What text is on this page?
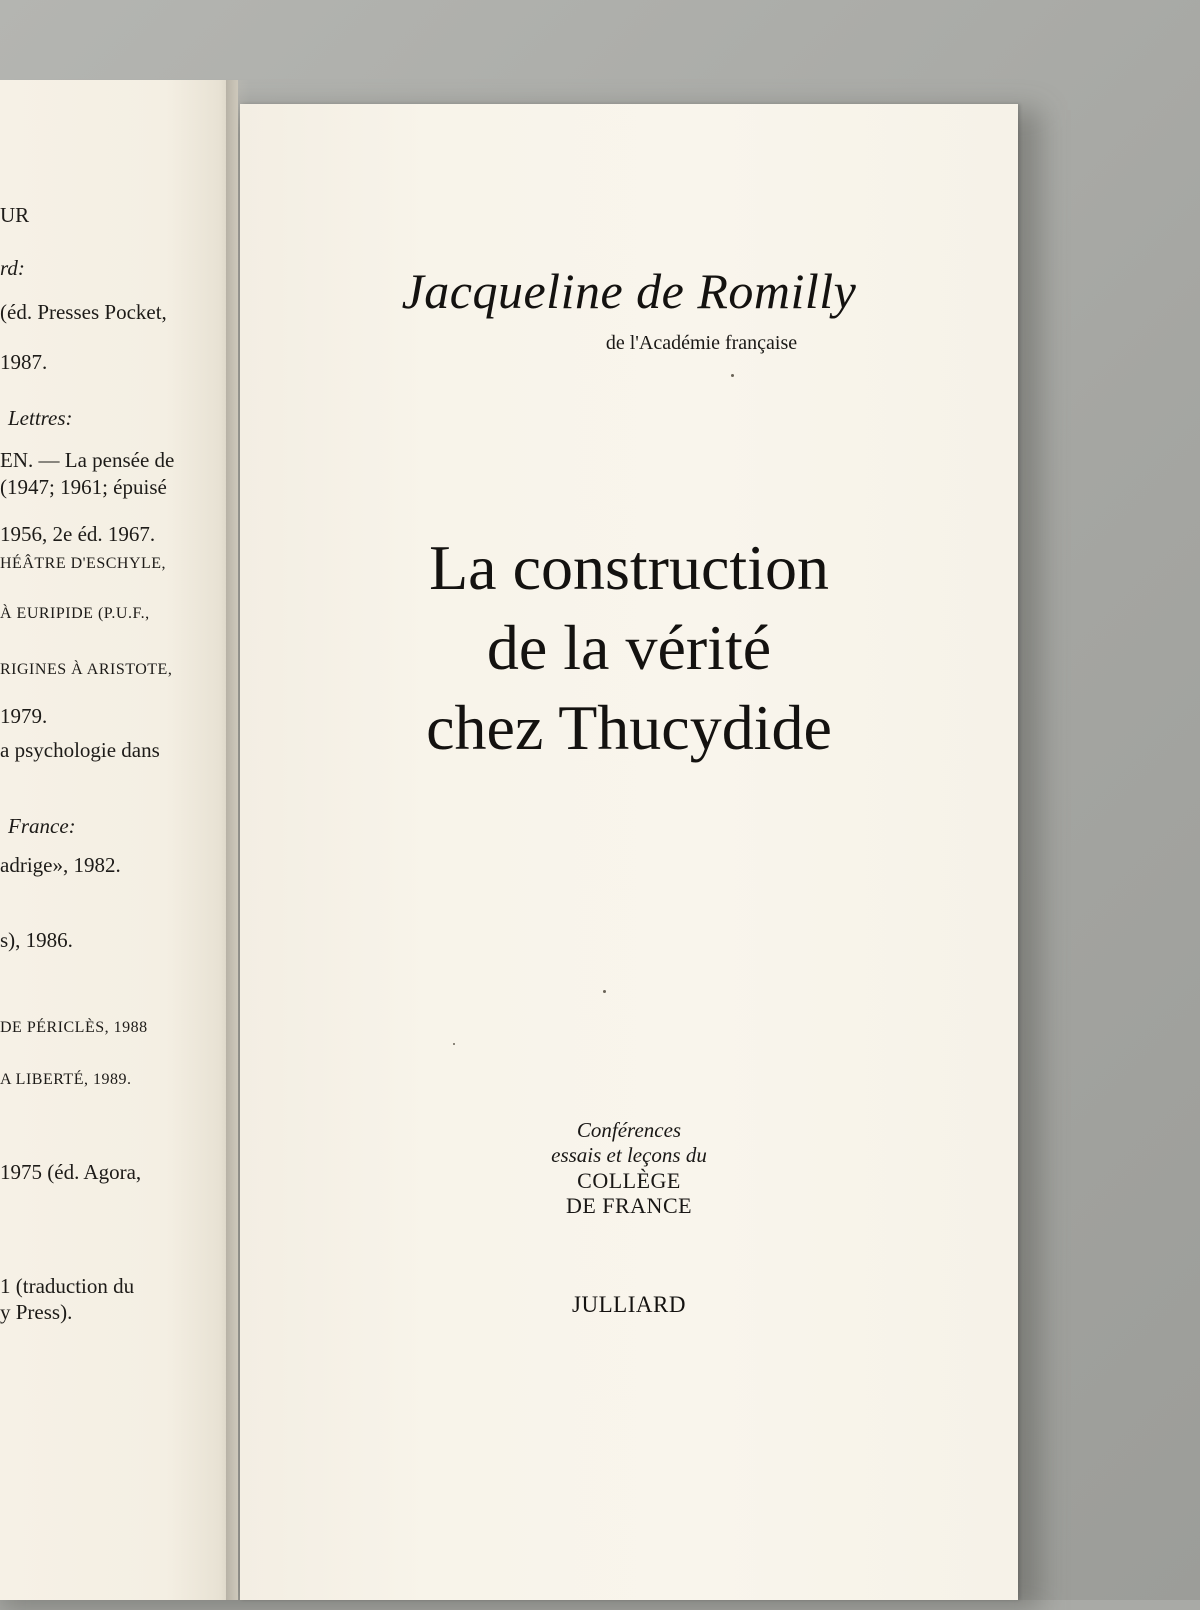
​
UR
rd:
(éd. Presses Pocket,
1987.
Lettres:
EN. — La pensée de
(1947; 1961; épuisé
1956, 2e éd. 1967.
HÉÂTRE D'ESCHYLE,
À EURIPIDE (P.U.F.,
RIGINES À ARISTOTE,
1979.
a psychologie dans
France:
adrige», 1982.
s), 1986.
DE PÉRICLÈS, 1988
A LIBERTÉ, 1989.
1975 (éd. Agora,
1 (traduction du
y Press).
Jacqueline de Romilly
de l'Académie française
La construction
de la vérité
chez Thucydide
Conférences
essais et leçons du
COLLÈGE
DE FRANCE
JULLIARD
